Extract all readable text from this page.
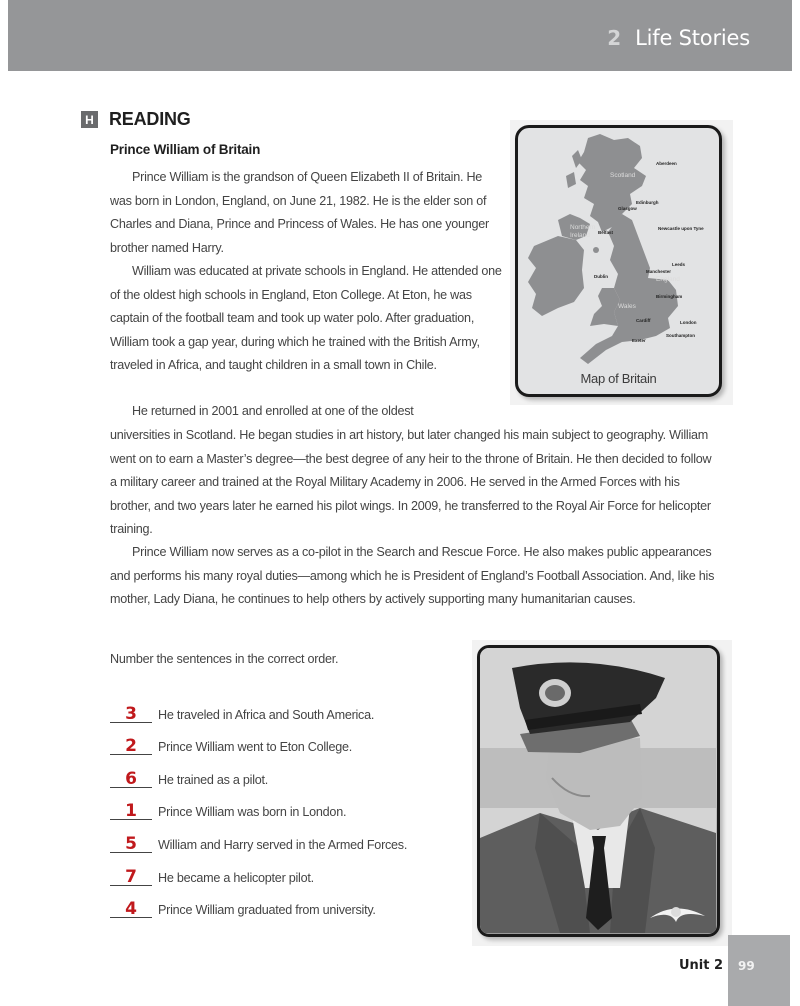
2 Life Stories
H READING
Prince William of Britain

Prince William is the grandson of Queen Elizabeth II of Britain. He was born in London, England, on June 21, 1982. He is the elder son of Charles and Diana, Prince and Princess of Wales. He has one younger brother named Harry.

William was educated at private schools in England. He attended one of the oldest high schools in England, Eton College. At Eton, he was captain of the football team and took up water polo. After graduation, William took a gap year, during which he trained with the British Army, traveled in Africa, and taught children in a small town in Chile.

He returned in 2001 and enrolled at one of the oldest

universities in Scotland. He began studies in art history, but later changed his main subject to geography. William went on to earn a Master’s degree—the best degree of any heir to the throne of Britain. He then decided to follow a military career and trained at the Royal Military Academy in 2006. He served in the Armed Forces with his brother, and two years later he earned his pilot wings. In 2009, he transferred to the Royal Air Force for helicopter training.

Prince William now serves as a co-pilot in the Search and Rescue Force. He also makes public appearances and performs his many royal duties—among which he is President of England’s Football Association. And, like his mother, Lady Diana, he continues to help others by actively supporting many humanitarian causes.

Scotland
Northern Ireland
England
Wales
Aberdeen
Edinburgh
Glasgow
Newcastle upon Tyne
Belfast
Dublin
Leeds
Manchester
Birmingham
Cardiff	London
Southampton
Exeter
Map of Britain
Number the sentences in the correct order.
3	He traveled in Africa and South America.
2	Prince William went to Eton College.
6	He trained as a pilot.
1	Prince William was born in London.
5	William and Harry served in the Armed Forces.
7	He became a helicopter pilot.
4	Prince William graduated from university.
Unit 2 99
